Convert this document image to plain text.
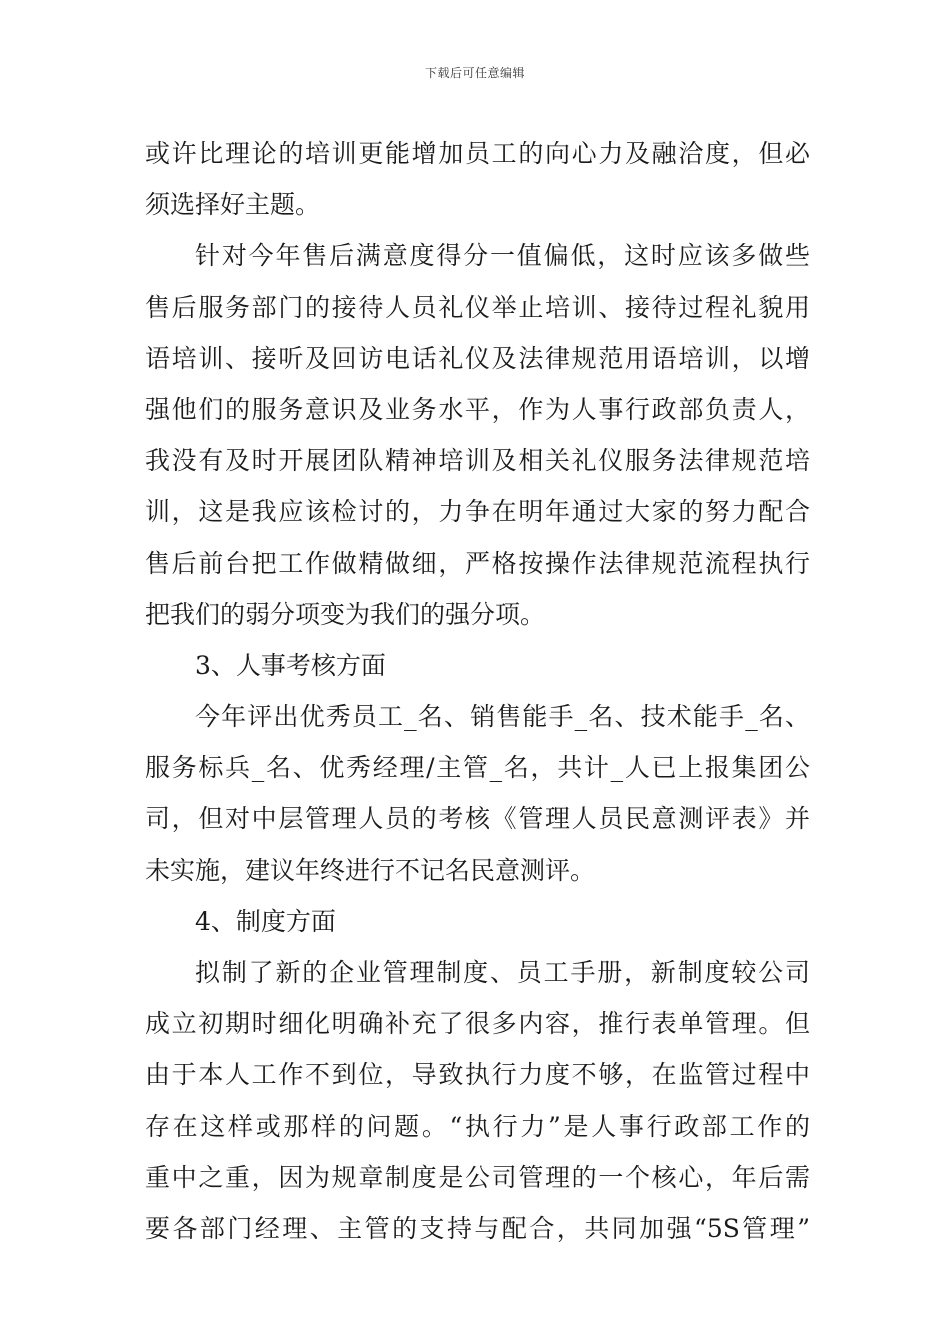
下载后可任意编辑
或许比理论的培训更能增加员工的向心力及融洽度，但必
须选择好主题。
针对今年售后满意度得分一值偏低，这时应该多做些
售后服务部门的接待人员礼仪举止培训、接待过程礼貌用
语培训、接听及回访电话礼仪及法律规范用语培训，以增
强他们的服务意识及业务水平，作为人事行政部负责人，
我没有及时开展团队精神培训及相关礼仪服务法律规范培
训，这是我应该检讨的，力争在明年通过大家的努力配合
售后前台把工作做精做细，严格按操作法律规范流程执行
把我们的弱分项变为我们的强分项。
3、人事考核方面
今年评出优秀员工_名、销售能手_名、技术能手_名、
服务标兵_名、优秀经理/主管_名，共计_人已上报集团公
司，但对中层管理人员的考核《管理人员民意测评表》并
未实施，建议年终进行不记名民意测评。
4、制度方面
拟制了新的企业管理制度、员工手册，新制度较公司
成立初期时细化明确补充了很多内容，推行表单管理。但
由于本人工作不到位，导致执行力度不够，在监管过程中
存在这样或那样的问题。“执行力”是人事行政部工作的
重中之重，因为规章制度是公司管理的一个核心，年后需
要各部门经理、主管的支持与配合，共同加强“5S管理”
